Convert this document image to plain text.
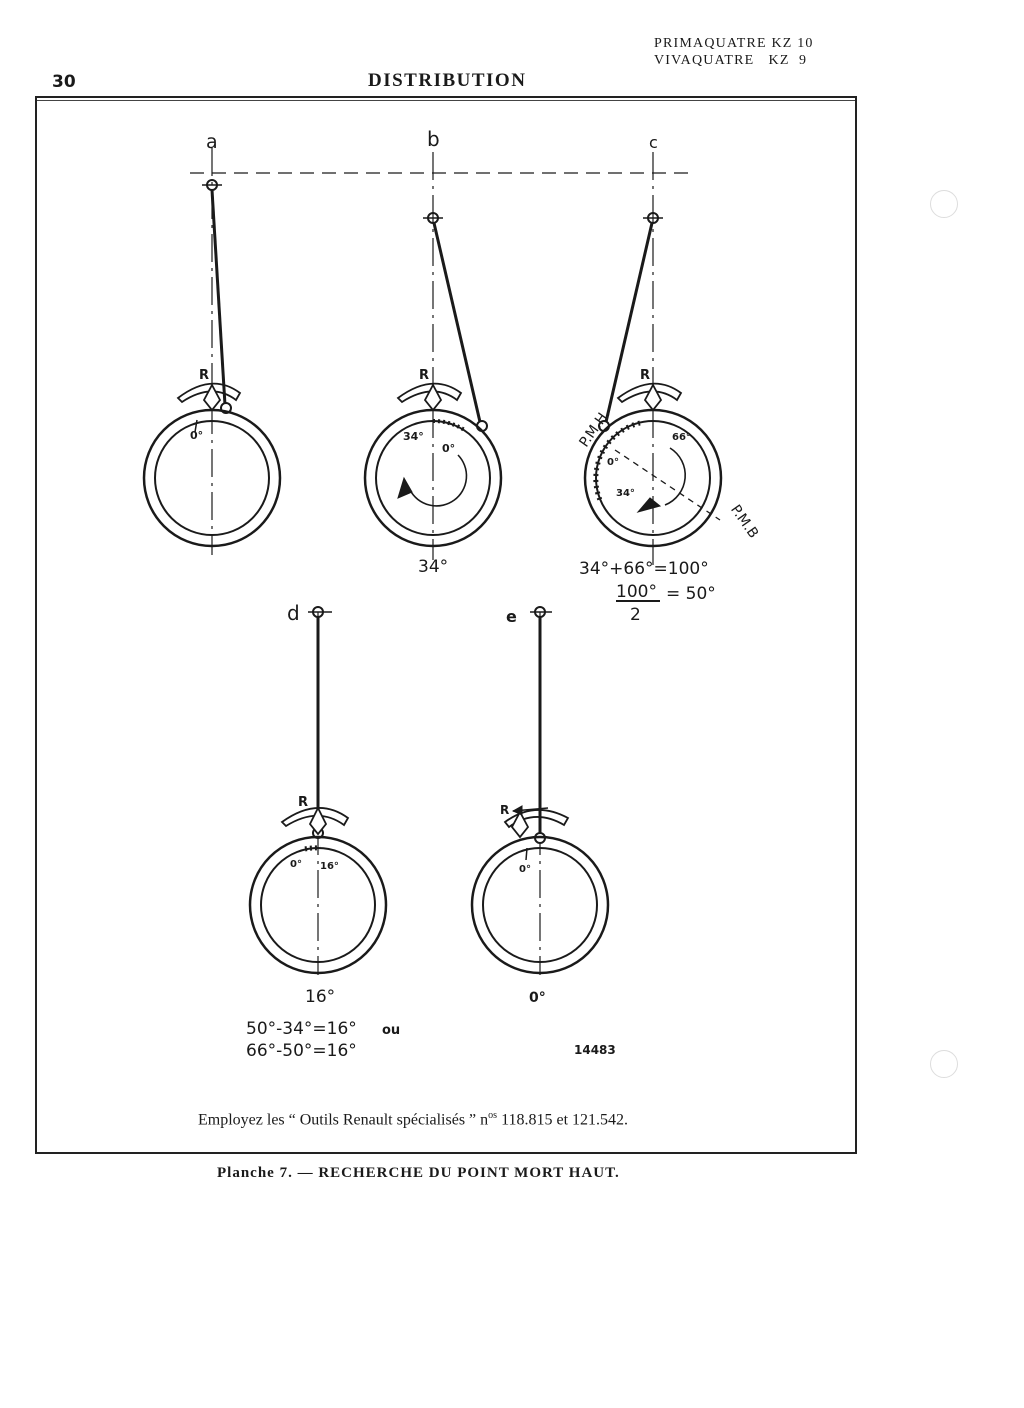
30	DISTRIBUTION
PRIMAQUATRE KZ 10
VIVAQUATRE   KZ  9
a
R
0°
b
R
34°
0°
34°
c
R
66°
0°
34°
P.M.H.
P.M.B
34°+66°=100°
100° = 50°
2
d
R
0° 16°
16°
50°-34°=16° ou
66°-50°=16°
e
R
0°
0°
14483
Employez les “ Outils Renault spécialisés ” $n^{os}$ 118.815 et 121.542.
Planche 7. — RECHERCHE DU POINT MORT HAUT.
